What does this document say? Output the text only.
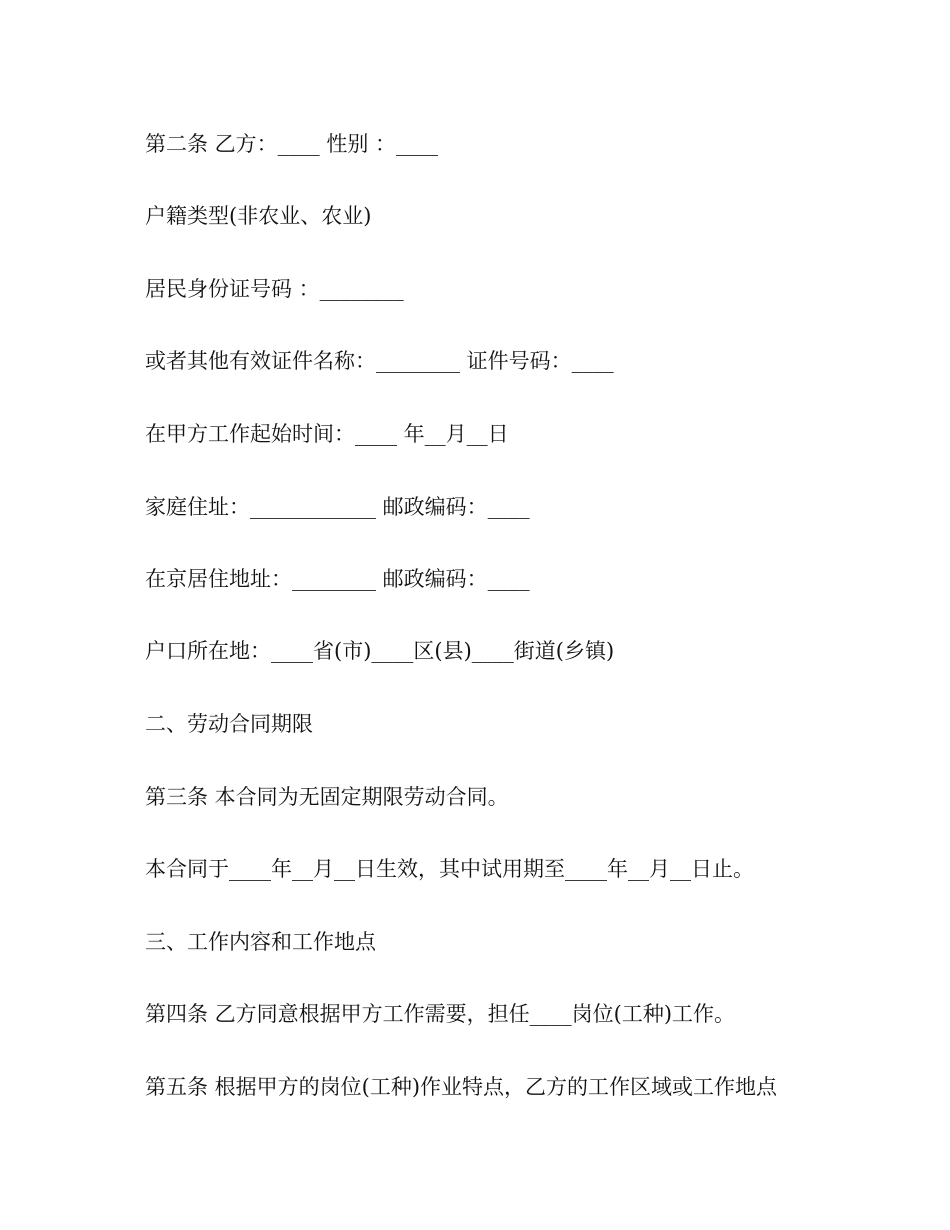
第二条 乙方：____ 性别 ：____

户籍类型(非农业、农业)

居民身份证号码 ：________

或者其他有效证件名称：________ 证件号码：____

在甲方工作起始时间：____ 年__月__日

家庭住址：____________ 邮政编码：____

在京居住地址：________ 邮政编码：____

户口所在地：____省(市)____区(县)____街道(乡镇)

二、劳动合同期限

第三条 本合同为无固定期限劳动合同。

本合同于____年__月__日生效，其中试用期至____年__月__日止。

三、工作内容和工作地点

第四条 乙方同意根据甲方工作需要，担任____岗位(工种)工作。

第五条 根据甲方的岗位(工种)作业特点，乙方的工作区域或工作地点
